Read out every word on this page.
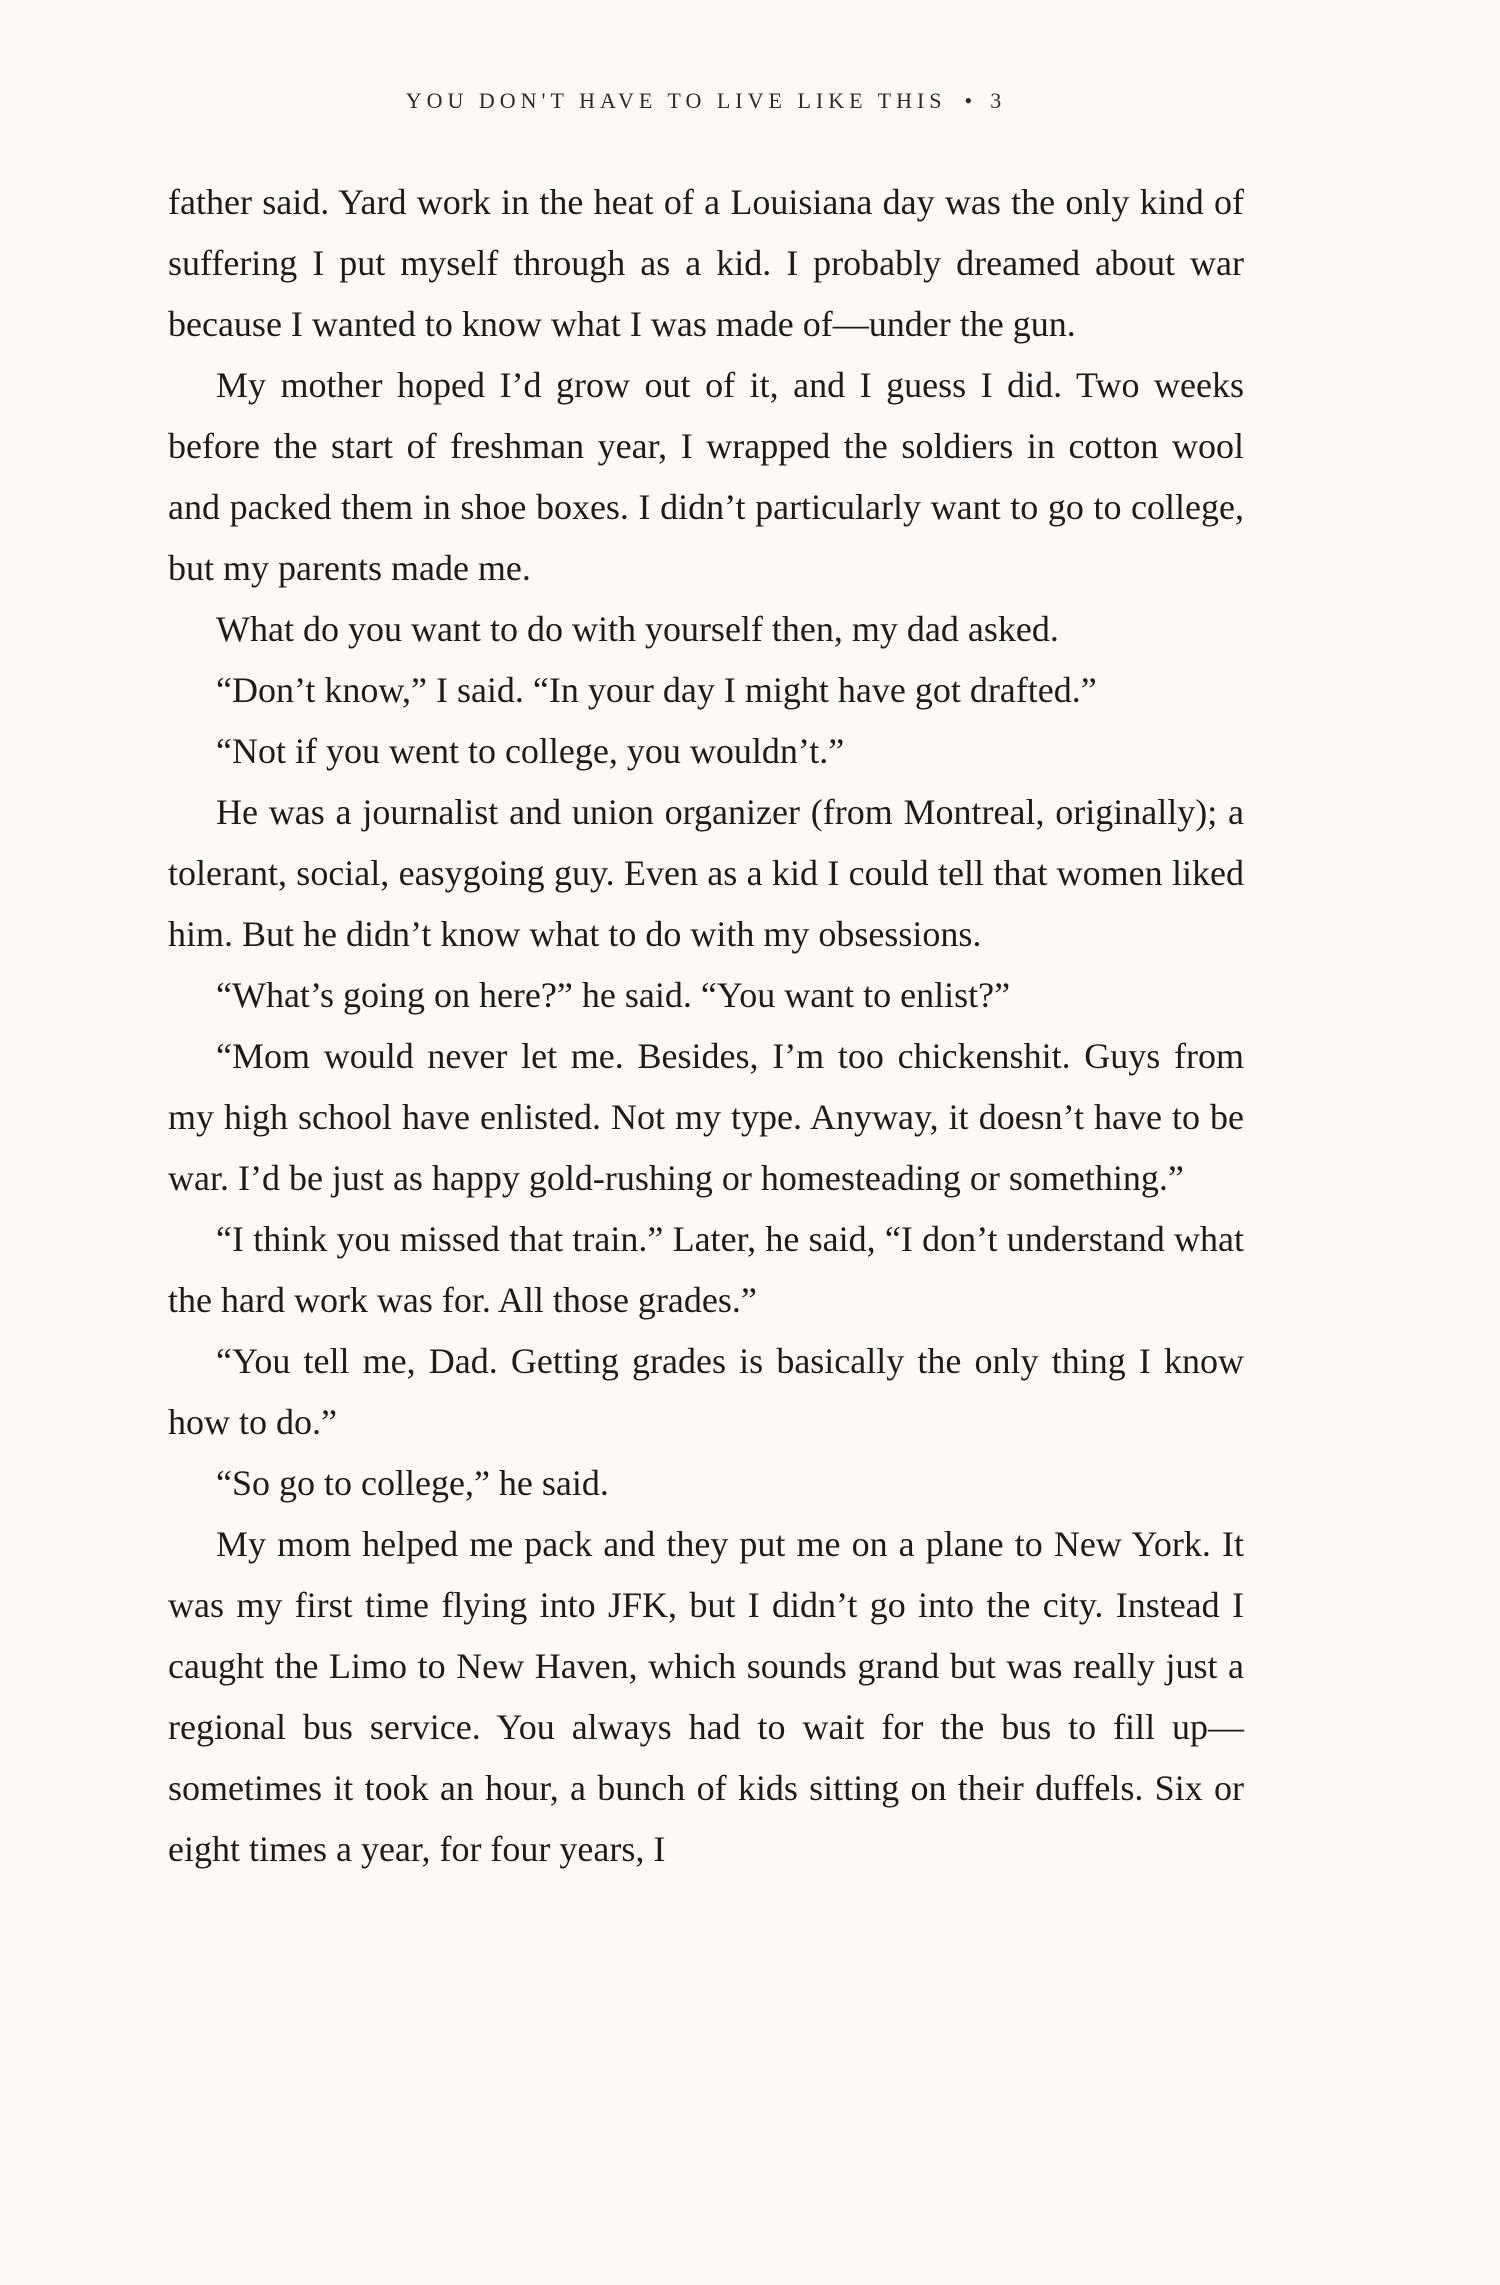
YOU DON'T HAVE TO LIVE LIKE THIS • 3

father said. Yard work in the heat of a Louisiana day was the only kind of suffering I put myself through as a kid. I probably dreamed about war because I wanted to know what I was made of—under the gun.

My mother hoped I’d grow out of it, and I guess I did. Two weeks before the start of freshman year, I wrapped the soldiers in cotton wool and packed them in shoe boxes. I didn’t particularly want to go to college, but my parents made me.

What do you want to do with yourself then, my dad asked.

“Don’t know,” I said. “In your day I might have got drafted.”

“Not if you went to college, you wouldn’t.”

He was a journalist and union organizer (from Montreal, originally); a tolerant, social, easygoing guy. Even as a kid I could tell that women liked him. But he didn’t know what to do with my obsessions.

“What’s going on here?” he said. “You want to enlist?”

“Mom would never let me. Besides, I’m too chickenshit. Guys from my high school have enlisted. Not my type. Anyway, it doesn’t have to be war. I’d be just as happy gold-rushing or homesteading or something.”

“I think you missed that train.” Later, he said, “I don’t understand what the hard work was for. All those grades.”

“You tell me, Dad. Getting grades is basically the only thing I know how to do.”

“So go to college,” he said.

My mom helped me pack and they put me on a plane to New York. It was my first time flying into JFK, but I didn’t go into the city. Instead I caught the Limo to New Haven, which sounds grand but was really just a regional bus service. You always had to wait for the bus to fill up—sometimes it took an hour, a bunch of kids sitting on their duffels. Six or eight times a year, for four years, I
